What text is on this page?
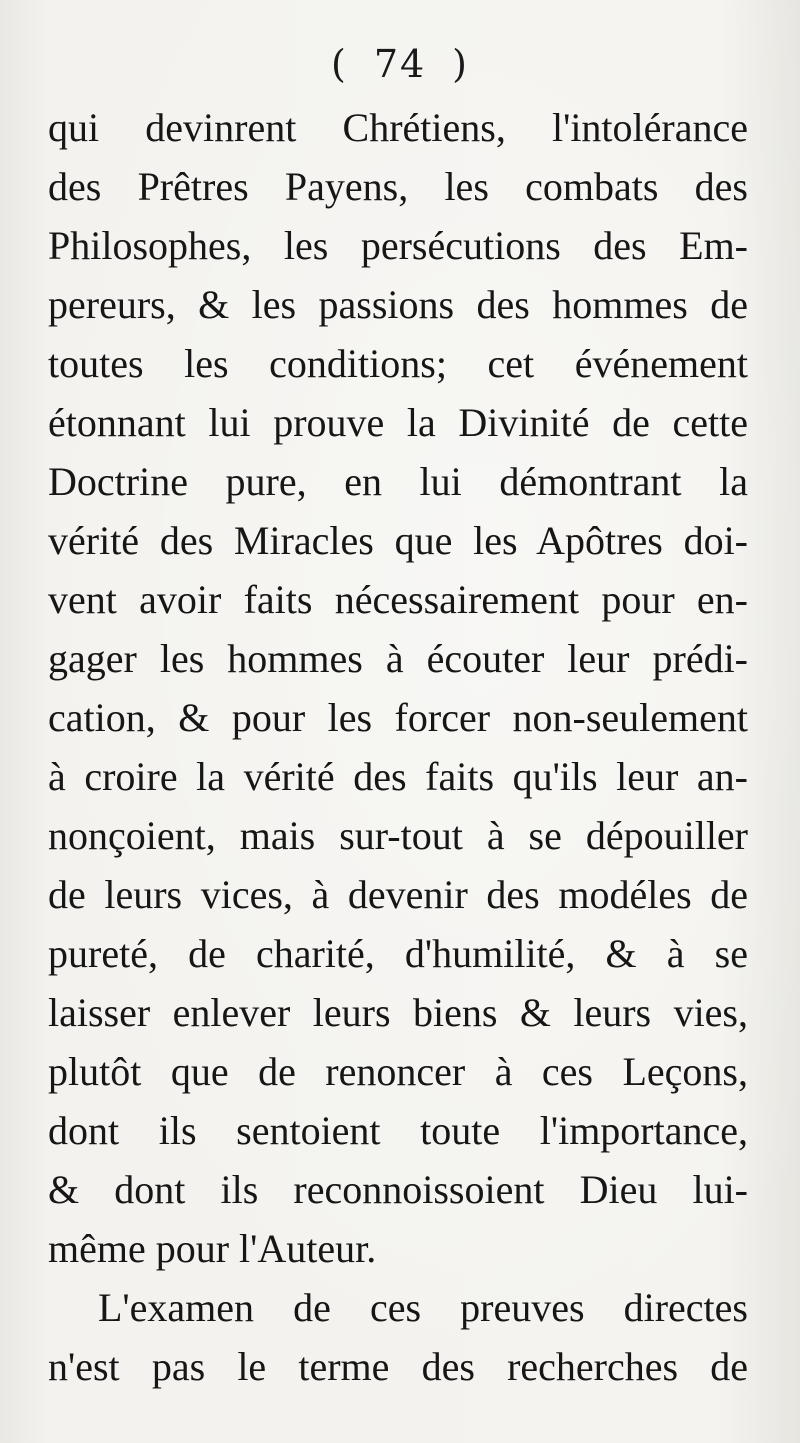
( 74 )
qui devinrent Chrétiens, l'intolérance
des Prêtres Payens, les combats des
Philosophes, les persécutions des Em-
pereurs, & les passions des hommes de
toutes les conditions; cet événement
étonnant lui prouve la Divinité de cette
Doctrine pure, en lui démontrant la
vérité des Miracles que les Apôtres doi-
vent avoir faits nécessairement pour en-
gager les hommes à écouter leur prédi-
cation, & pour les forcer non-seulement
à croire la vérité des faits qu'ils leur an-
nonçoient, mais sur-tout à se dépouiller
de leurs vices, à devenir des modéles de
pureté, de charité, d'humilité, & à se
laisser enlever leurs biens & leurs vies,
plutôt que de renoncer à ces Leçons,
dont ils sentoient toute l'importance,
& dont ils reconnoissoient Dieu lui-
même pour l'Auteur.
L'examen de ces preuves directes
n'est pas le terme des recherches de
